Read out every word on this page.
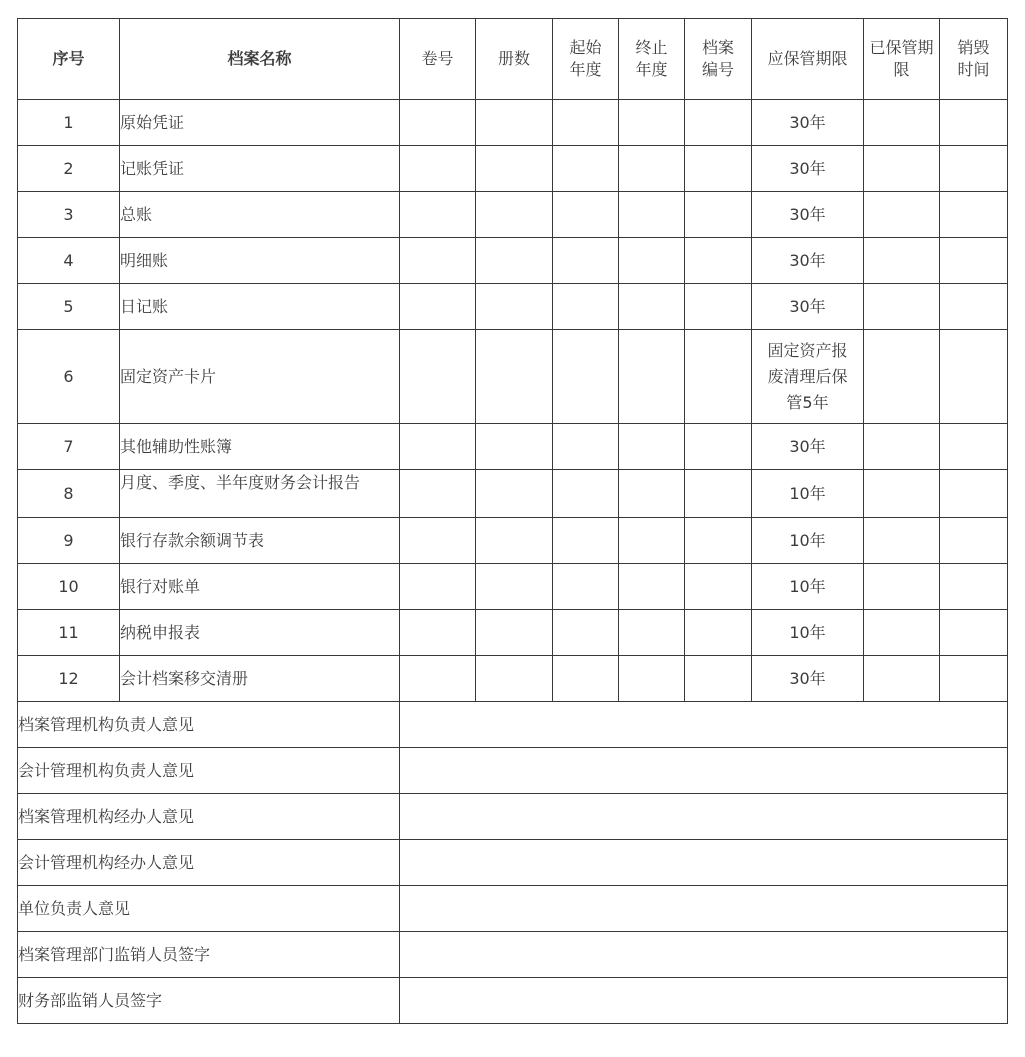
序号	档案名称	卷号	册数	起始年度	终止年度	档案编号	应保管期限	已保管期限	销毁时间
1	原始凭证						30年		
2	记账凭证						30年		
3	总账						30年		
4	明细账						30年		
5	日记账						30年		
6	固定资产卡片						固定资产报废清理后保管5年		
7	其他辅助性账簿						30年		
8	月度、季度、半年度财务会计报告						10年		
9	银行存款余额调节表						10年		
10	银行对账单						10年		
11	纳税申报表						10年		
12	会计档案移交清册						30年		
档案管理机构负责人意见									
会计管理机构负责人意见									
档案管理机构经办人意见									
会计管理机构经办人意见									
单位负责人意见									
档案管理部门监销人员签字									
财务部监销人员签字									
